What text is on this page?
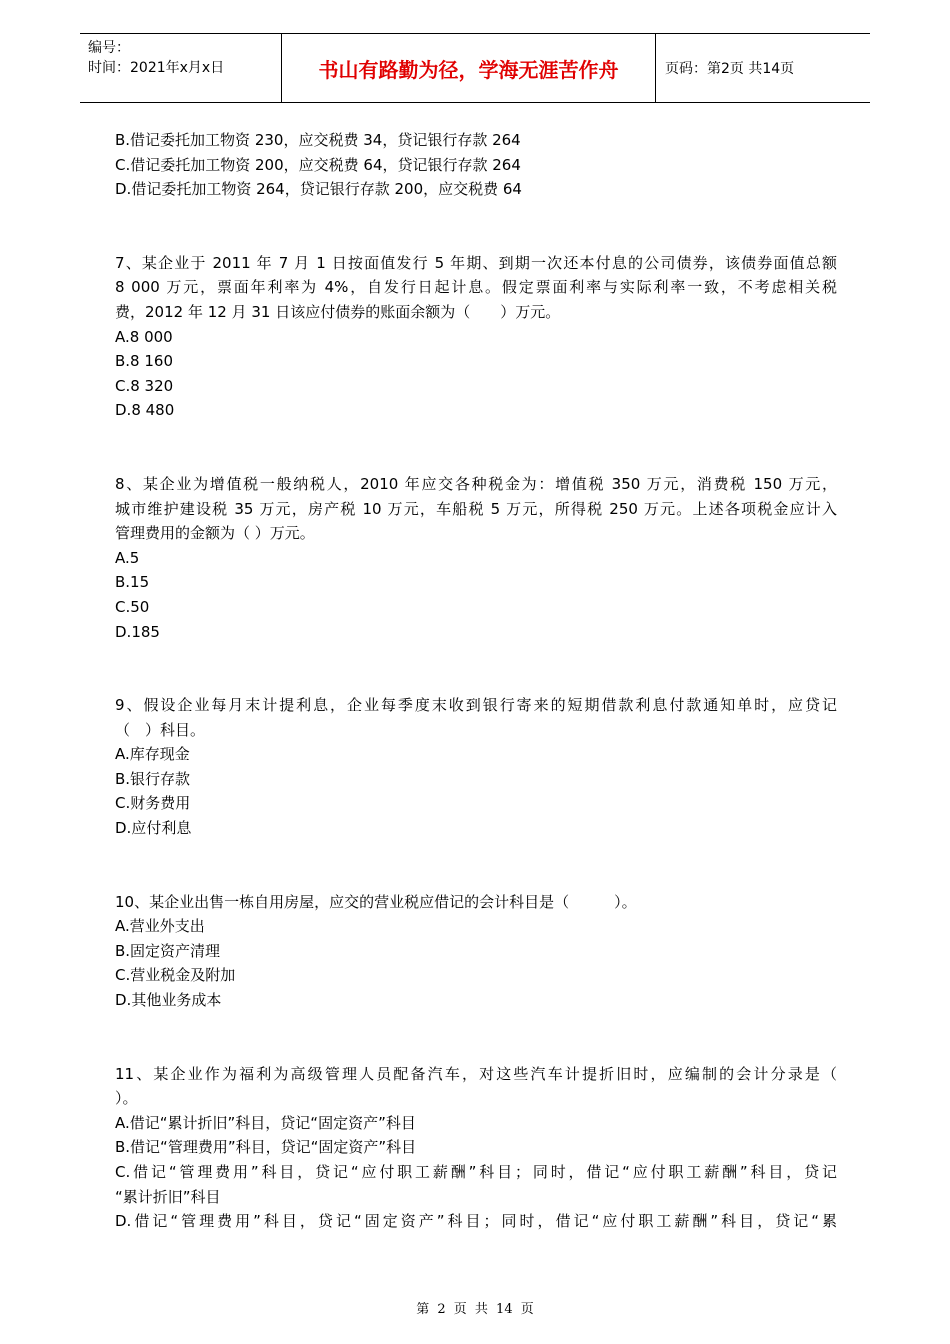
编号：
时间：2021年x月x日	书山有路勤为径，学海无涯苦作舟	页码：第2页 共14页
B.借记委托加工物资 230，应交税费 34，贷记银行存款 264
C.借记委托加工物资 200，应交税费 64，贷记银行存款 264
D.借记委托加工物资 264，贷记银行存款 200，应交税费 64
7、某企业于 2011 年 7 月 1 日按面值发行 5 年期、到期一次还本付息的公司债券，该债券面值总额
8 000 万元，票面年利率为 4%，自发行日起计息。假定票面利率与实际利率一致，不考虑相关税
费，2012 年 12 月 31 日该应付债券的账面余额为（　　）万元。
A.8 000
B.8 160
C.8 320
D.8 480
8、某企业为增值税一般纳税人，2010 年应交各种税金为：增值税 350 万元，消费税 150 万元，
城市维护建设税 35 万元，房产税 10 万元，车船税 5 万元，所得税 250 万元。上述各项税金应计入
管理费用的金额为（ ）万元。
A.5
B.15
C.50
D.185
9、假设企业每月末计提利息，企业每季度末收到银行寄来的短期借款利息付款通知单时，应贷记
（　）科目。
A.库存现金
B.银行存款
C.财务费用
D.应付利息
10、某企业出售一栋自用房屋，应交的营业税应借记的会计科目是（　　　）。
A.营业外支出
B.固定资产清理
C.营业税金及附加
D.其他业务成本
11、某企业作为福利为高级管理人员配备汽车，对这些汽车计提折旧时，应编制的会计分录是（
）。
A.借记“累计折旧”科目，贷记“固定资产”科目
B.借记“管理费用”科目，贷记“固定资产”科目
C.借记“管理费用”科目，贷记“应付职工薪酬”科目；同时，借记“应付职工薪酬”科目，贷记
“累计折旧”科目
D.借记“管理费用”科目，贷记“固定资产”科目；同时，借记“应付职工薪酬”科目，贷记“累
第 2 页 共 14 页
